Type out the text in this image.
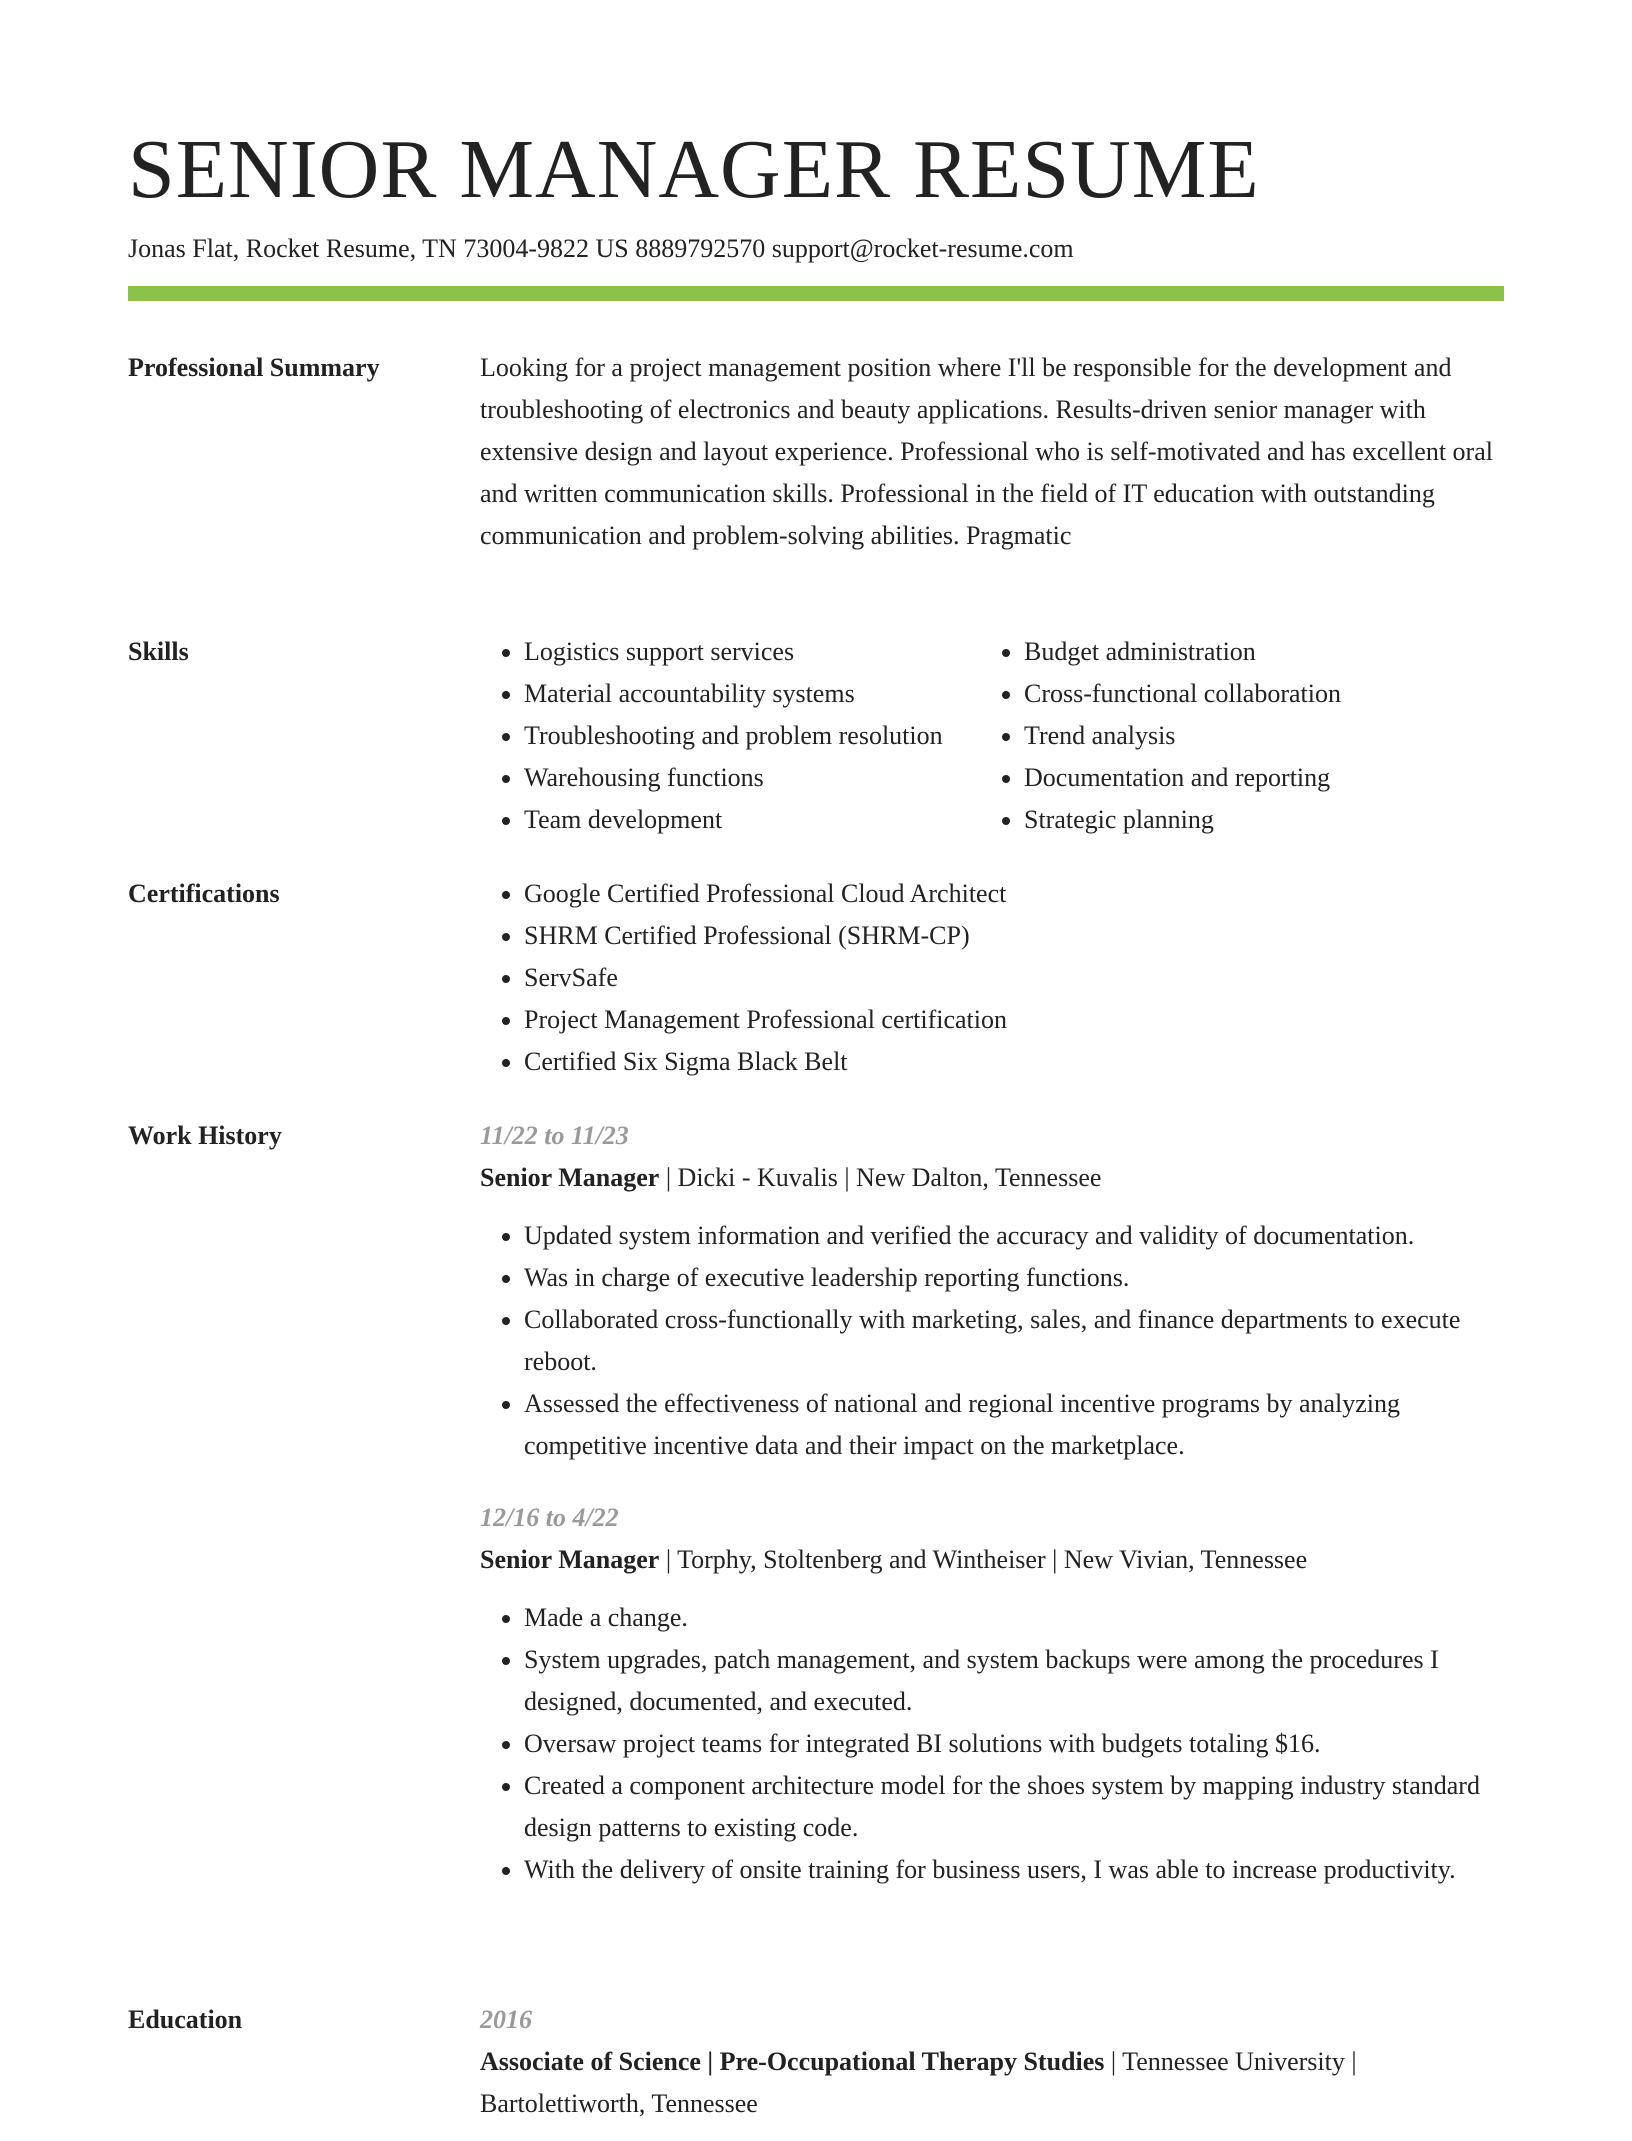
SENIOR MANAGER RESUME
Jonas Flat, Rocket Resume, TN 73004-9822 US 8889792570 support@rocket-resume.com
Professional Summary	Looking for a project management position where I'll be responsible for the development and troubleshooting of electronics and beauty applications. Results-driven senior manager with extensive design and layout experience. Professional who is self-motivated and has excellent oral and written communication skills. Professional in the field of IT education with outstanding communication and problem-solving abilities. Pragmatic

Skills	• Logistics support services
• Material accountability systems
• Troubleshooting and problem resolution
• Warehousing functions
• Team development
• Budget administration
• Cross-functional collaboration
• Trend analysis
• Documentation and reporting
• Strategic planning
Certifications	• Google Certified Professional Cloud Architect
• SHRM Certified Professional (SHRM-CP)
• ServSafe
• Project Management Professional certification
• Certified Six Sigma Black Belt
Work History	11/22 to 11/23
Senior Manager | Dicki - Kuvalis | New Dalton, Tennessee
• Updated system information and verified the accuracy and validity of documentation.
• Was in charge of executive leadership reporting functions.
• Collaborated cross-functionally with marketing, sales, and finance departments to execute reboot.
• Assessed the effectiveness of national and regional incentive programs by analyzing competitive incentive data and their impact on the marketplace.
12/16 to 4/22
Senior Manager | Torphy, Stoltenberg and Wintheiser | New Vivian, Tennessee
• Made a change.
• System upgrades, patch management, and system backups were among the procedures I designed, documented, and executed.
• Oversaw project teams for integrated BI solutions with budgets totaling $16.
• Created a component architecture model for the shoes system by mapping industry standard design patterns to existing code.
• With the delivery of onsite training for business users, I was able to increase productivity.
Education	2016
Associate of Science | Pre-Occupational Therapy Studies | Tennessee University | Bartolettiworth, Tennessee
